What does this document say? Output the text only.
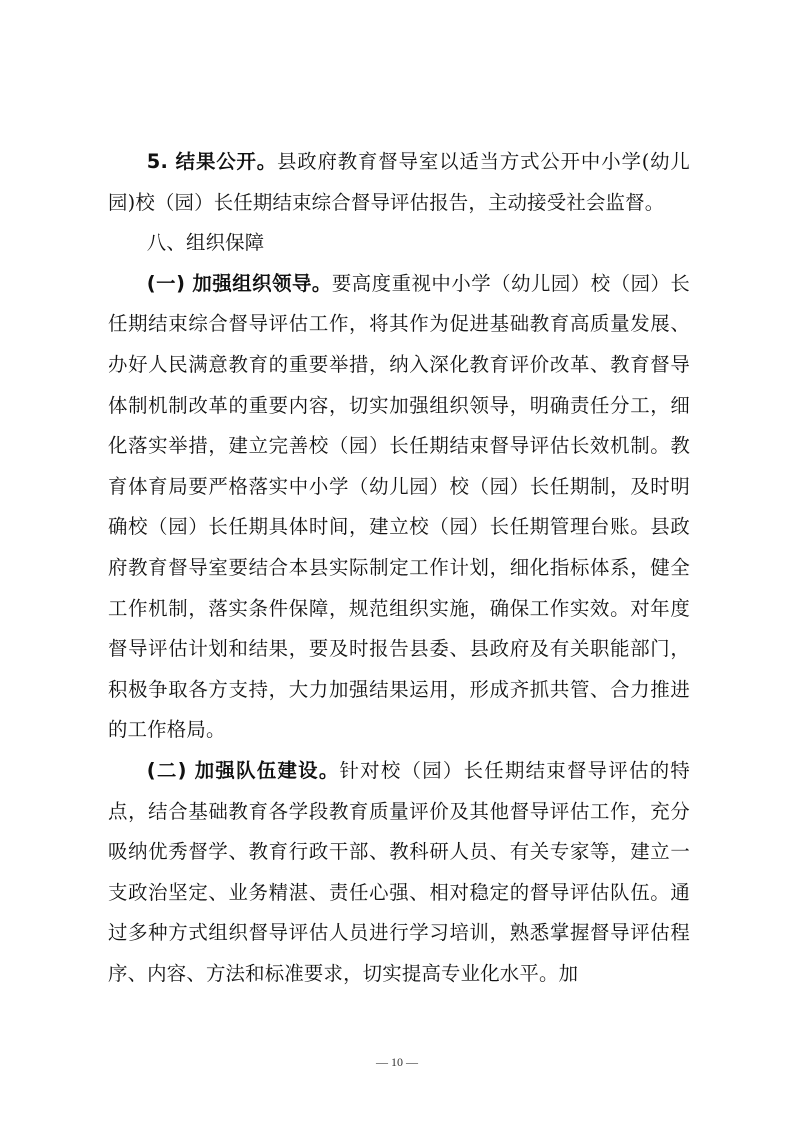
5. 结果公开。县政府教育督导室以适当方式公开中小学(幼儿园)校（园）长任期结束综合督导评估报告，主动接受社会监督。

八、组织保障

(一) 加强组织领导。要高度重视中小学（幼儿园）校（园）长任期结束综合督导评估工作，将其作为促进基础教育高质量发展、办好人民满意教育的重要举措，纳入深化教育评价改革、教育督导体制机制改革的重要内容，切实加强组织领导，明确责任分工，细化落实举措，建立完善校（园）长任期结束督导评估长效机制。教育体育局要严格落实中小学（幼儿园）校（园）长任期制，及时明确校（园）长任期具体时间，建立校（园）长任期管理台账。县政府教育督导室要结合本县实际制定工作计划，细化指标体系，健全工作机制，落实条件保障，规范组织实施，确保工作实效。对年度督导评估计划和结果，要及时报告县委、县政府及有关职能部门，积极争取各方支持，大力加强结果运用，形成齐抓共管、合力推进的工作格局。

(二) 加强队伍建设。针对校（园）长任期结束督导评估的特点，结合基础教育各学段教育质量评价及其他督导评估工作，充分吸纳优秀督学、教育行政干部、教科研人员、有关专家等，建立一支政治坚定、业务精湛、责任心强、相对稳定的督导评估队伍。通过多种方式组织督导评估人员进行学习培训，熟悉掌握督导评估程序、内容、方法和标准要求，切实提高专业化水平。加

— 10 —
